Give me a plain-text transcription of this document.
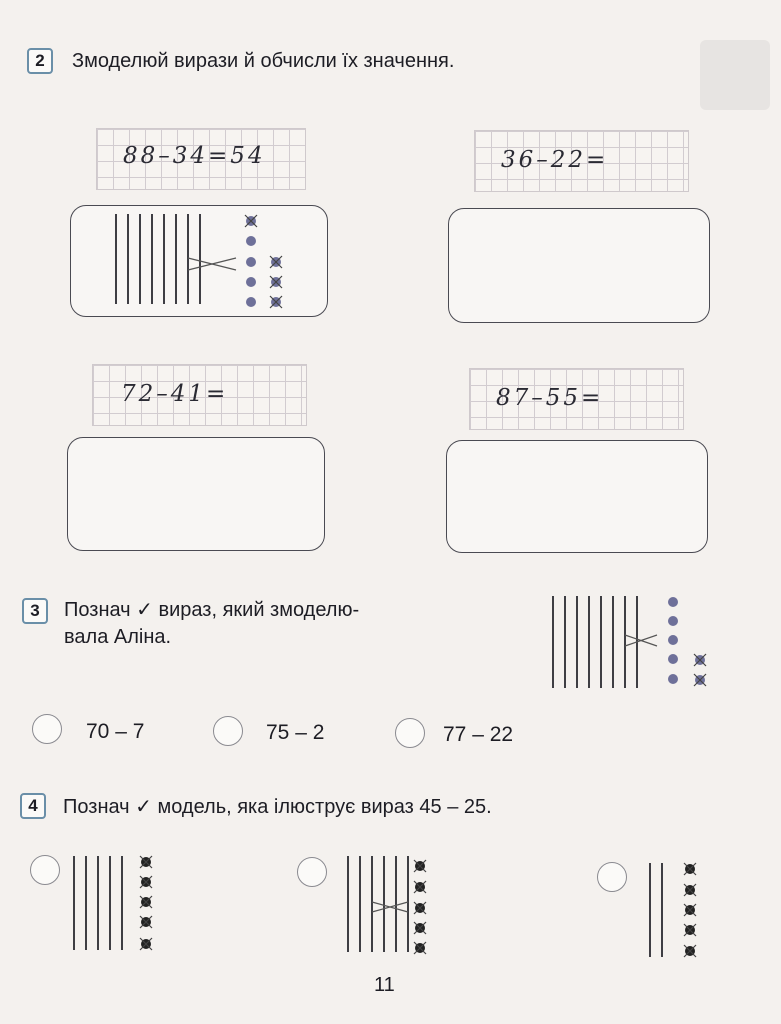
2	Змоделюй вирази й обчисли їх значення.
88–34=54	36–22=
72–41=	87–55=
3	Познач ✓ вираз, який змоделю-
вала Аліна.
70 – 7	75 – 2	77 – 22
4	Познач ✓ модель, яка ілюструє вираз 45 – 25.
11
